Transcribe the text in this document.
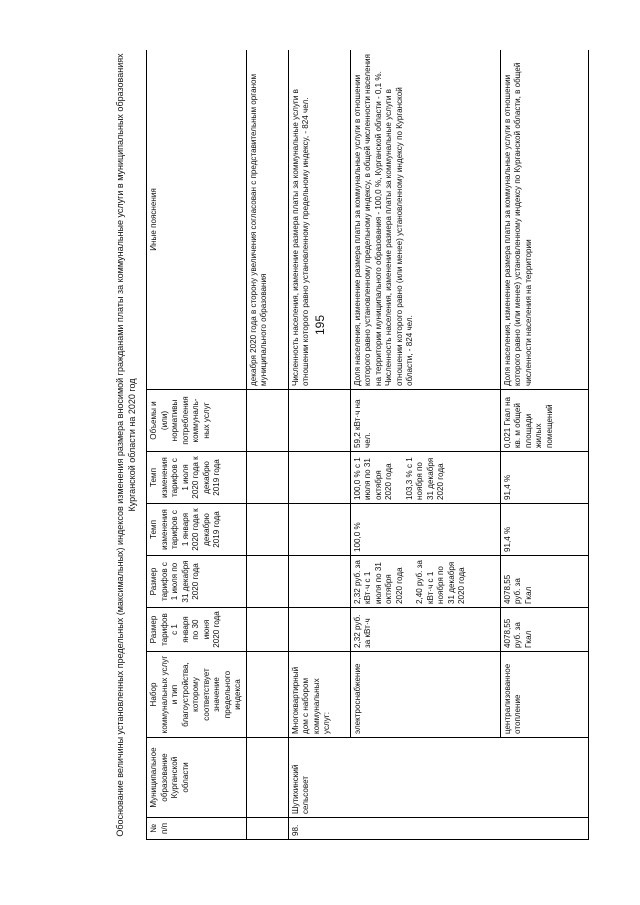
195
Обоснование величины установленных предельных (максимальных) индексов изменения размера вносимой гражданами платы за коммунальные услуги в муниципальных образованиях Курганской области на 2020 год
№ п/п	Муниципальное образование Курганской области	Набор коммунальных услуг и тип благоустройства, которому соответствует значение предельного индекса	Размер тарифов с 1 января по 30 июня 2020 года	Размер тарифов с 1 июля по 31 декабря 2020 года	Темп изменения тарифов с 1 января 2020 года к декабрю 2019 года	Темп изменения тарифов с 1 июля 2020 года к декабрю 2019 года	Объемы и (или) нормативы потребления коммуналь-ных услуг	Иные пояснения
								декабря 2020 года в сторону увеличения согласован с представительным органом муниципального образования
98.	Шутихинский сельсовет	Многоквартирный дом с набором коммунальных услуг:						Численность населения, изменение размера платы за коммунальные услуги в отношении которого равно установленному предельному индексу, - 824 чел.
		электроснабжение	2,32 руб. за кВт·ч	2,32 руб. за кВт·ч с 1 июля по 31 октября 2020 года 2,40 руб. за кВт·ч с 1 ноября по 31 декабря 2020 года	100,0 %	100,0 % с 1 июля по 31 октября 2020 года 103,3 % с 1 ноября по 31 декабря 2020 года	59,2 кВт·ч на чел.	Доля населения, изменение размера платы за коммунальные услуги в отношении которого равно установленному предельному индексу, в общей численности населения на территории муниципального образования - 100,0 %, Курганской области - 0,1 %. Численность населения, изменение размера платы за коммунальные услуги в отношении которого равно (или менее) установленному индексу по Курганской области, - 824 чел.

		централизованное отопление	4078,55 руб. за Гкал	4078,55 руб. за Гкал	91,4 %	91,4 %	0,021 Гкал на кв. м общей площади жилых помещений	Доля населения, изменение размера платы за коммунальные услуги в отношении которого равно (или менее) установленному индексу по Курганской области, в общей численности населения на территории
